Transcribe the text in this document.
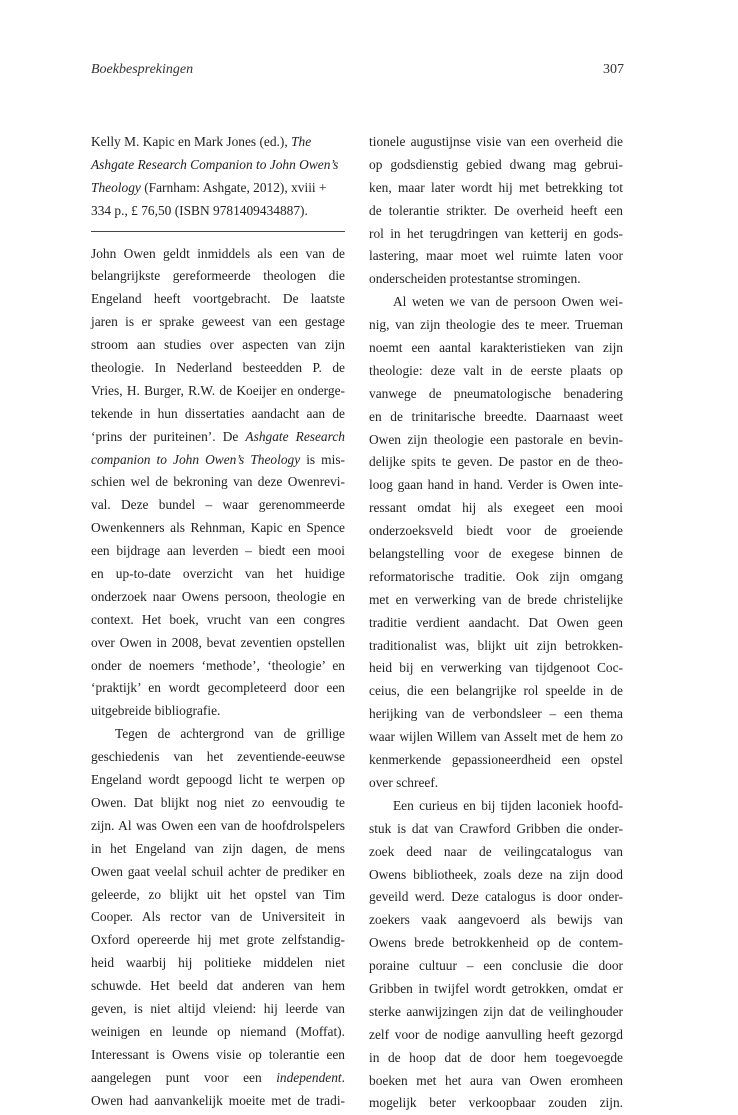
Boekbesprekingen	307
Kelly M. Kapic en Mark Jones (ed.), The
Ashgate Research Companion to John Owen’s
Theology (Farnham: Ashgate, 2012), xviii +
334 p., £ 76,50 (ISBN 9781409434887).
John Owen geldt inmiddels als een van de
belangrijkste gereformeerde theologen die
Engeland heeft voortgebracht. De laatste
jaren is er sprake geweest van een gestage
stroom aan studies over aspecten van zijn
theologie. In Nederland besteedden P. de
Vries, H. Burger, R.W. de Koeijer en onderge-
tekende in hun dissertaties aandacht aan de
‘prins der puriteinen’. De Ashgate Research
companion to John Owen’s Theology is mis-
schien wel de bekroning van deze Owenrevi-
val. Deze bundel – waar gerenommeerde
Owenkenners als Rehnman, Kapic en Spence
een bijdrage aan leverden – biedt een mooi
en up-to-date overzicht van het huidige
onderzoek naar Owens persoon, theologie en
context. Het boek, vrucht van een congres
over Owen in 2008, bevat zeventien opstellen
onder de noemers ‘methode’, ‘theologie’ en
‘praktijk’ en wordt gecompleteerd door een
uitgebreide bibliografie.
Tegen de achtergrond van de grillige
geschiedenis van het zeventiende-eeuwse
Engeland wordt gepoogd licht te werpen op
Owen. Dat blijkt nog niet zo eenvoudig te
zijn. Al was Owen een van de hoofdrolspelers
in het Engeland van zijn dagen, de mens
Owen gaat veelal schuil achter de prediker en
geleerde, zo blijkt uit het opstel van Tim
Cooper. Als rector van de Universiteit in
Oxford opereerde hij met grote zelfstandig-
heid waarbij hij politieke middelen niet
schuwde. Het beeld dat anderen van hem
geven, is niet altijd vleiend: hij leerde van
weinigen en leunde op niemand (Moffat).
Interessant is Owens visie op tolerantie een
aangelegen punt voor een independent.
Owen had aanvankelijk moeite met de tradi-
tionele augustijnse visie van een overheid die
op godsdienstig gebied dwang mag gebrui-
ken, maar later wordt hij met betrekking tot
de tolerantie strikter. De overheid heeft een
rol in het terugdringen van ketterij en gods-
lastering, maar moet wel ruimte laten voor
onderscheiden protestantse stromingen.
Al weten we van de persoon Owen wei-
nig, van zijn theologie des te meer. Trueman
noemt een aantal karakteristieken van zijn
theologie: deze valt in de eerste plaats op
vanwege de pneumatologische benadering
en de trinitarische breedte. Daarnaast weet
Owen zijn theologie een pastorale en bevin-
delijke spits te geven. De pastor en de theo-
loog gaan hand in hand. Verder is Owen inte-
ressant omdat hij als exegeet een mooi
onderzoeksveld biedt voor de groeiende
belangstelling voor de exegese binnen de
reformatorische traditie. Ook zijn omgang
met en verwerking van de brede christelijke
traditie verdient aandacht. Dat Owen geen
traditionalist was, blijkt uit zijn betrokken-
heid bij en verwerking van tijdgenoot Coc-
ceius, die een belangrijke rol speelde in de
herijking van de verbondsleer – een thema
waar wijlen Willem van Asselt met de hem zo
kenmerkende gepassioneerdheid een opstel
over schreef.
Een curieus en bij tijden laconiek hoofd-
stuk is dat van Crawford Gribben die onder-
zoek deed naar de veilingcatalogus van
Owens bibliotheek, zoals deze na zijn dood
geveild werd. Deze catalogus is door onder-
zoekers vaak aangevoerd als bewijs van
Owens brede betrokkenheid op de contem-
poraine cultuur – een conclusie die door
Gribben in twijfel wordt getrokken, omdat er
sterke aanwijzingen zijn dat de veilinghouder
zelf voor de nodige aanvulling heeft gezorgd
in de hoop dat de door hem toegevoegde
boeken met het aura van Owen eromheen
mogelijk beter verkoopbaar zouden zijn.
